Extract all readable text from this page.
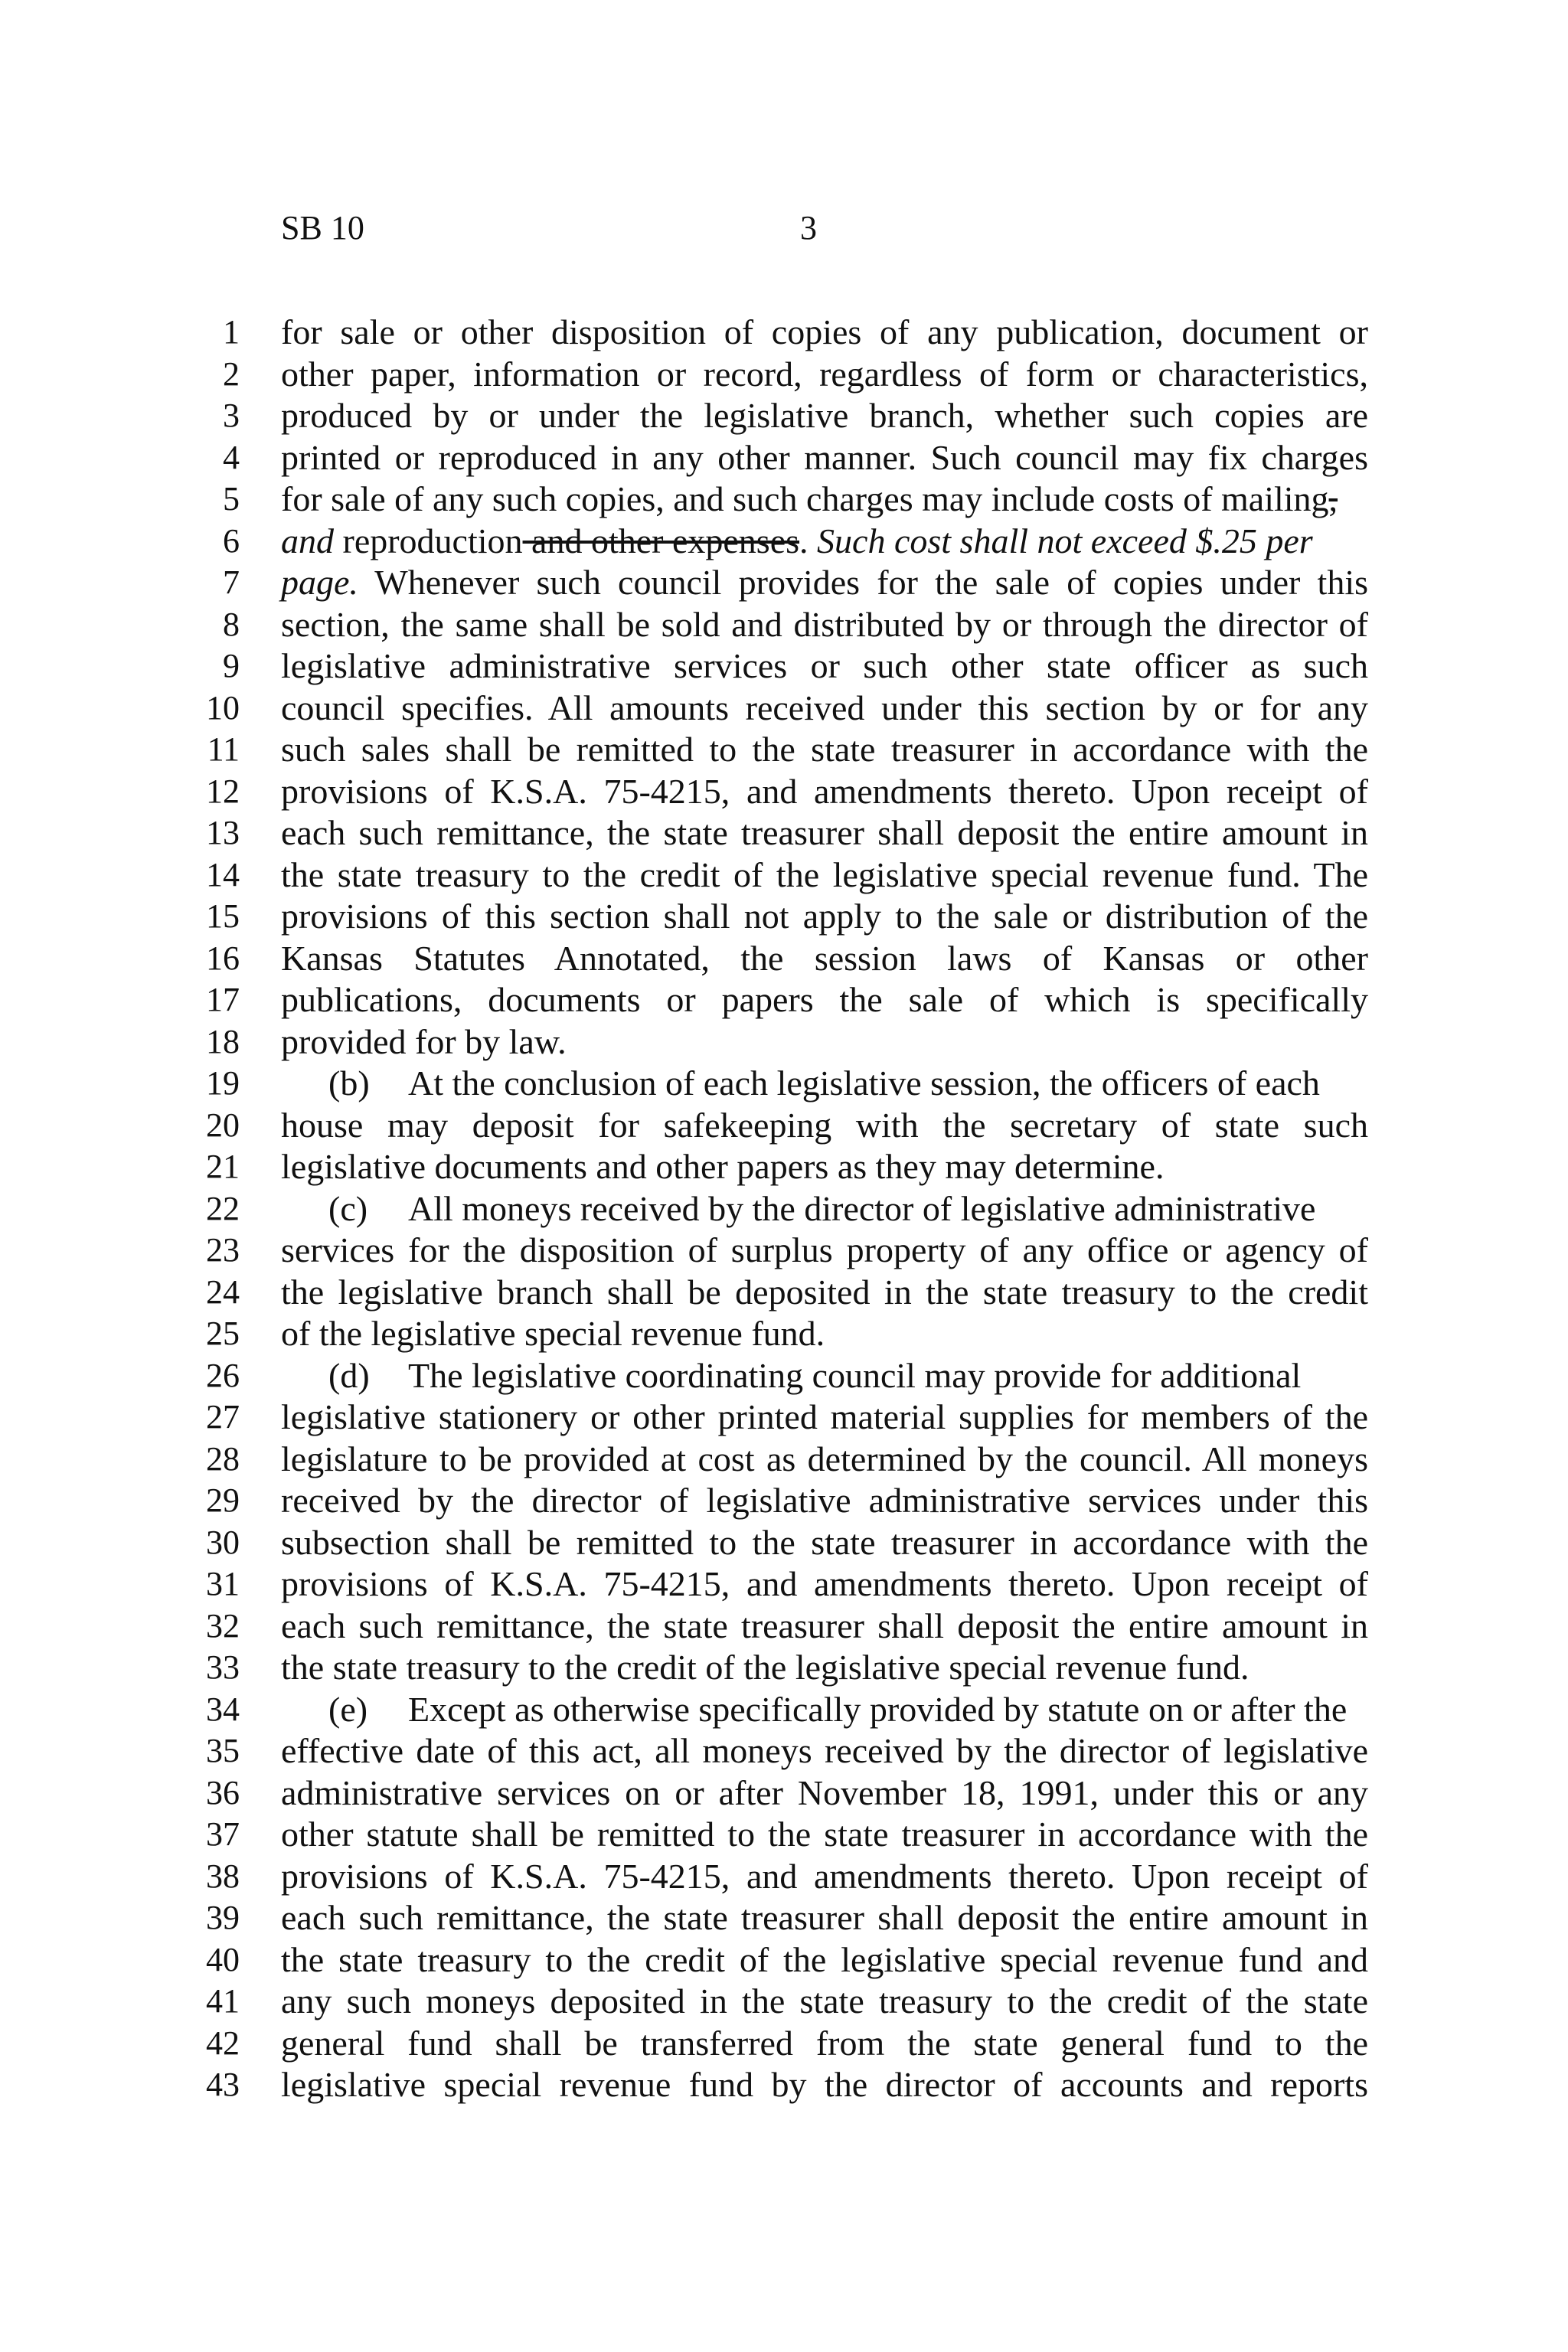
SB 10	3
1
2
3
4
5
6
7
8
9
10
11
12
13
14
15
16
17
18
19
20
21
22
23
24
25
26
27
28
29
30
31
32
33
34
35
36
37
38
39
40
41
42
43
for sale or other disposition of copies of any publication, document or
other paper, information or record, regardless of form or characteristics,
produced by or under the legislative branch, whether such copies are
printed or reproduced in any other manner. Such council may fix charges
for sale of any such copies, and such charges may include costs of mailing,
and reproduction and other expenses. Such cost shall not exceed $.25 per
page. Whenever such council provides for the sale of copies under this
section, the same shall be sold and distributed by or through the director of
legislative administrative services or such other state officer as such
council specifies. All amounts received under this section by or for any
such sales shall be remitted to the state treasurer in accordance with the
provisions of K.S.A. 75-4215, and amendments thereto. Upon receipt of
each such remittance, the state treasurer shall deposit the entire amount in
the state treasury to the credit of the legislative special revenue fund. The
provisions of this section shall not apply to the sale or distribution of the
Kansas Statutes Annotated, the session laws of Kansas or other
publications, documents or papers the sale of which is specifically
provided for by law.
(b) At the conclusion of each legislative session, the officers of each
house may deposit for safekeeping with the secretary of state such
legislative documents and other papers as they may determine.
(c) All moneys received by the director of legislative administrative
services for the disposition of surplus property of any office or agency of
the legislative branch shall be deposited in the state treasury to the credit
of the legislative special revenue fund.
(d) The legislative coordinating council may provide for additional
legislative stationery or other printed material supplies for members of the
legislature to be provided at cost as determined by the council. All moneys
received by the director of legislative administrative services under this
subsection shall be remitted to the state treasurer in accordance with the
provisions of K.S.A. 75-4215, and amendments thereto. Upon receipt of
each such remittance, the state treasurer shall deposit the entire amount in
the state treasury to the credit of the legislative special revenue fund.
(e) Except as otherwise specifically provided by statute on or after the
effective date of this act, all moneys received by the director of legislative
administrative services on or after November 18, 1991, under this or any
other statute shall be remitted to the state treasurer in accordance with the
provisions of K.S.A. 75-4215, and amendments thereto. Upon receipt of
each such remittance, the state treasurer shall deposit the entire amount in
the state treasury to the credit of the legislative special revenue fund and
any such moneys deposited in the state treasury to the credit of the state
general fund shall be transferred from the state general fund to the
legislative special revenue fund by the director of accounts and reports
